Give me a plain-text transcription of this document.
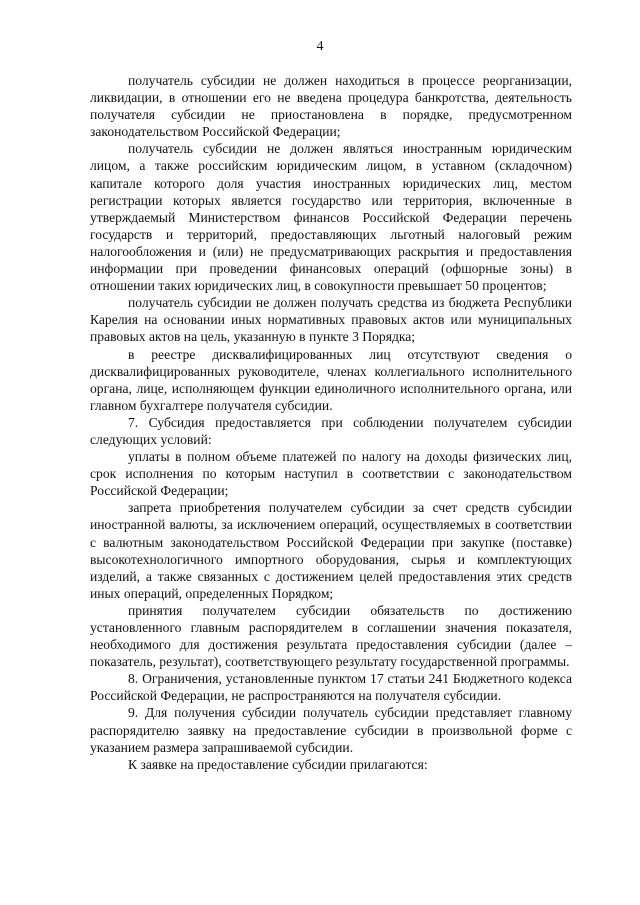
4

получатель субсидии не должен находиться в процессе реорганизации, ликвидации, в отношении его не введена процедура банкротства, деятельность получателя субсидии не приостановлена в порядке, предусмотренном законодательством Российской Федерации;

получатель субсидии не должен являться иностранным юридическим лицом, а также российским юридическим лицом, в уставном (складочном) капитале которого доля участия иностранных юридических лиц, местом регистрации которых является государство или территория, включенные в утверждаемый Министерством финансов Российской Федерации перечень государств и территорий, предоставляющих льготный налоговый режим налогообложения и (или) не предусматривающих раскрытия и предоставления информации при проведении финансовых операций (офшорные зоны) в отношении таких юридических лиц, в совокупности превышает 50 процентов;

получатель субсидии не должен получать средства из бюджета Республики Карелия на основании иных нормативных правовых актов или муниципальных правовых актов на цель, указанную в пункте 3 Порядка;

в реестре дисквалифицированных лиц отсутствуют сведения о дисквалифицированных руководителе, членах коллегиального исполнительного органа, лице, исполняющем функции единоличного исполнительного органа, или главном бухгалтере получателя субсидии.

7. Субсидия предоставляется при соблюдении получателем субсидии следующих условий:

уплаты в полном объеме платежей по налогу на доходы физических лиц, срок исполнения по которым наступил в соответствии с законодательством Российской Федерации;

запрета приобретения получателем субсидии за счет средств субсидии иностранной валюты, за исключением операций, осуществляемых в соответствии с валютным законодательством Российской Федерации при закупке (поставке) высокотехнологичного импортного оборудования, сырья и комплектующих изделий, а также связанных с достижением целей предоставления этих средств иных операций, определенных Порядком;

принятия получателем субсидии обязательств по достижению установленного главным распорядителем в соглашении значения показателя, необходимого для достижения результата предоставления субсидии (далее – показатель, результат), соответствующего результату государственной программы.

8. Ограничения, установленные пунктом 17 статьи 241 Бюджетного кодекса Российской Федерации, не распространяются на получателя субсидии.

9. Для получения субсидии получатель субсидии представляет главному распорядителю заявку на предоставление субсидии в произвольной форме с указанием размера запрашиваемой субсидии.

К заявке на предоставление субсидии прилагаются:
